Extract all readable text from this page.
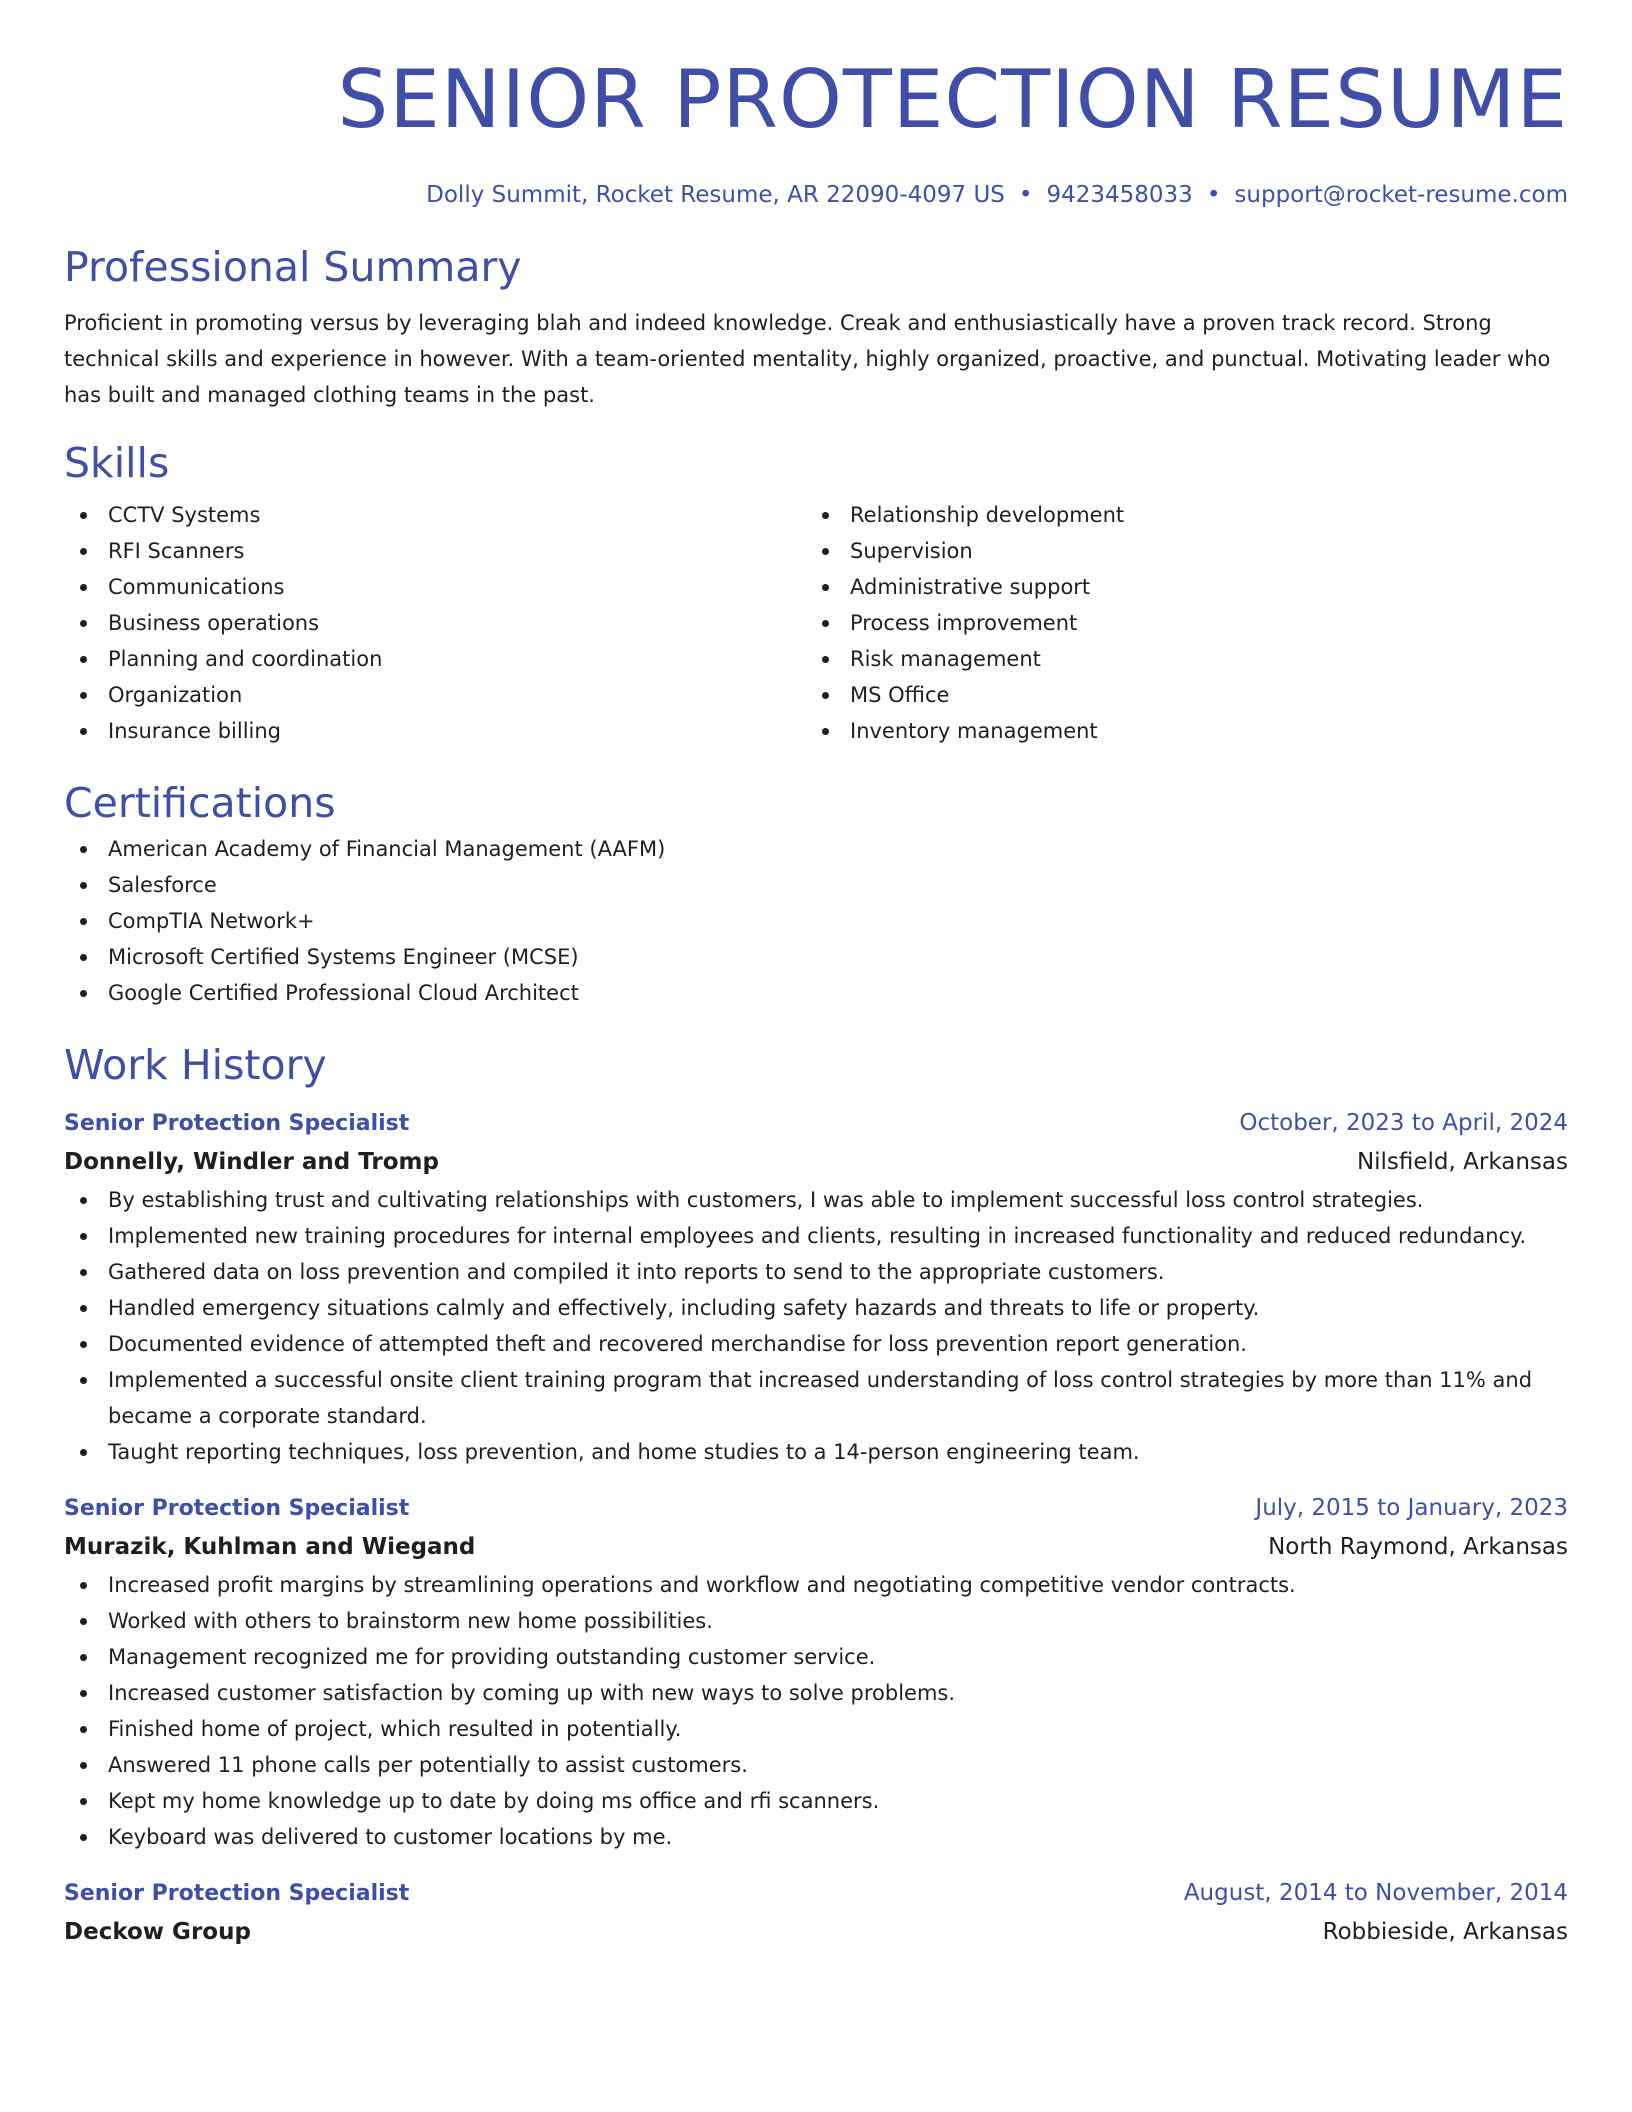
SENIOR PROTECTION RESUME
Dolly Summit, Rocket Resume, AR 22090-4097 US • 9423458033 • support@rocket-resume.com
Professional Summary

Proficient in promoting versus by leveraging blah and indeed knowledge. Creak and enthusiastically have a proven track record. Strong technical skills and experience in however. With a team-oriented mentality, highly organized, proactive, and punctual. Motivating leader who has built and managed clothing teams in the past.

Skills
CCTV Systems
RFI Scanners
Communications
Business operations
Planning and coordination
Organization
Insurance billing
Relationship development
Supervision
Administrative support
Process improvement
Risk management
MS Office
Inventory management
Certifications
American Academy of Financial Management (AAFM)
Salesforce
CompTIA Network+
Microsoft Certified Systems Engineer (MCSE)
Google Certified Professional Cloud Architect
Work History
Senior Protection Specialist	October, 2023 to April, 2024
Donnelly, Windler and Tromp	Nilsfield, Arkansas
By establishing trust and cultivating relationships with customers, I was able to implement successful loss control strategies.
Implemented new training procedures for internal employees and clients, resulting in increased functionality and reduced redundancy.
Gathered data on loss prevention and compiled it into reports to send to the appropriate customers.
Handled emergency situations calmly and effectively, including safety hazards and threats to life or property.
Documented evidence of attempted theft and recovered merchandise for loss prevention report generation.
Implemented a successful onsite client training program that increased understanding of loss control strategies by more than 11% and became a corporate standard.
Taught reporting techniques, loss prevention, and home studies to a 14-person engineering team.
Senior Protection Specialist	July, 2015 to January, 2023
Murazik, Kuhlman and Wiegand	North Raymond, Arkansas
Increased profit margins by streamlining operations and workflow and negotiating competitive vendor contracts.
Worked with others to brainstorm new home possibilities.
Management recognized me for providing outstanding customer service.
Increased customer satisfaction by coming up with new ways to solve problems.
Finished home of project, which resulted in potentially.
Answered 11 phone calls per potentially to assist customers.
Kept my home knowledge up to date by doing ms office and rfi scanners.
Keyboard was delivered to customer locations by me.
Senior Protection Specialist	August, 2014 to November, 2014
Deckow Group	Robbieside, Arkansas
